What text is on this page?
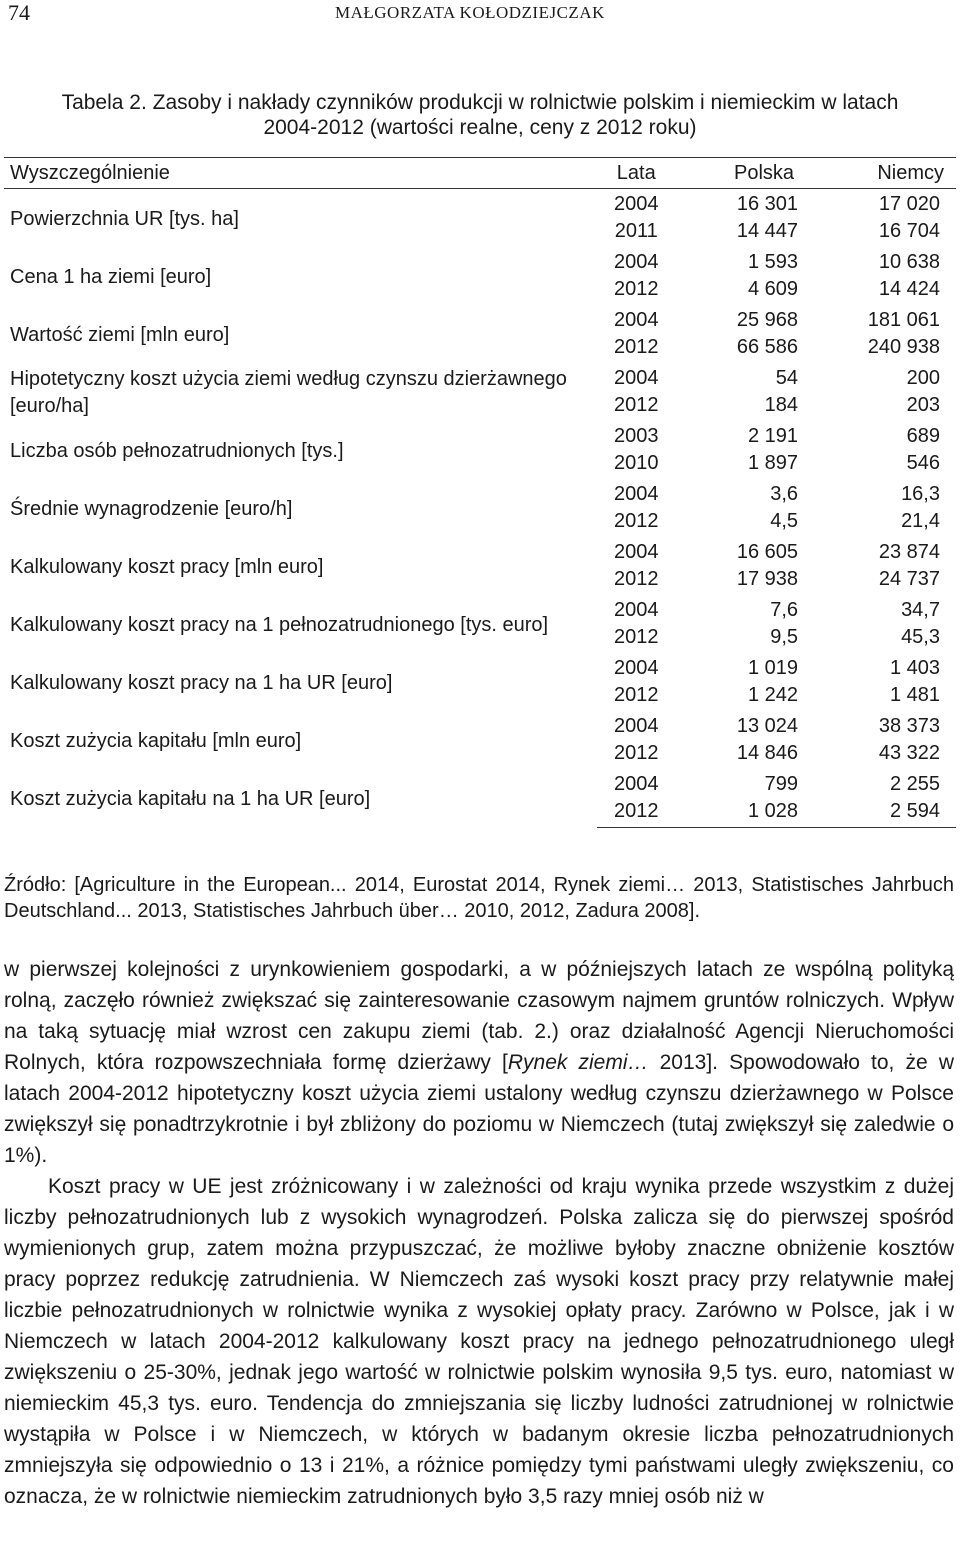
74	MAŁGORZATA KOŁODZIEJCZAK
Tabela 2. Zasoby i nakłady czynników produkcji w rolnictwie polskim i niemieckim w latach
2004-2012 (wartości realne, ceny z 2012 roku)
Wyszczególnienie	Lata	Polska	Niemcy
Powierzchnia UR [tys. ha]	2004	16 301	17 020
	2011	14 447	16 704
Cena 1 ha ziemi [euro]	2004	1 593	10 638
	2012	4 609	14 424
Wartość ziemi [mln euro]	2004	25 968	181 061
	2012	66 586	240 938
Hipotetyczny koszt użycia ziemi według czynszu dzierżawnego [euro/ha]	2004	54	200
	2012	184	203
Liczba osób pełnozatrudnionych [tys.]	2003	2 191	689
	2010	1 897	546
Średnie wynagrodzenie [euro/h]	2004	3,6	16,3
	2012	4,5	21,4
Kalkulowany koszt pracy [mln euro]	2004	16 605	23 874
	2012	17 938	24 737
Kalkulowany koszt pracy na 1 pełnozatrudnionego [tys. euro]	2004	7,6	34,7
	2012	9,5	45,3
Kalkulowany koszt pracy na 1 ha UR [euro]	2004	1 019	1 403
	2012	1 242	1 481
Koszt zużycia kapitału [mln euro]	2004	13 024	38 373
	2012	14 846	43 322
Koszt zużycia kapitału na 1 ha UR [euro]	2004	799	2 255
	2012	1 028	2 594
Źródło: [Agriculture in the European... 2014, Eurostat 2014, Rynek ziemi… 2013, Statistisches Jahrbuch Deutschland... 2013, Statistisches Jahrbuch über… 2010, 2012, Zadura 2008].

w pierwszej kolejności z urynkowieniem gospodarki, a w późniejszych latach ze wspólną polityką rolną, zaczęło również zwiększać się zainteresowanie czasowym najmem gruntów rolniczych. Wpływ na taką sytuację miał wzrost cen zakupu ziemi (tab. 2.) oraz działalność Agencji Nieruchomości Rolnych, która rozpowszechniała formę dzierżawy [Rynek ziemi… 2013]. Spowodowało to, że w latach 2004-2012 hipotetyczny koszt użycia ziemi ustalony według czynszu dzierżawnego w Polsce zwiększył się ponadtrzykrotnie i był zbliżony do poziomu w Niemczech (tutaj zwiększył się zaledwie o 1%).

Koszt pracy w UE jest zróżnicowany i w zależności od kraju wynika przede wszystkim z dużej liczby pełnozatrudnionych lub z wysokich wynagrodzeń. Polska zalicza się do pierwszej spośród wymienionych grup, zatem można przypuszczać, że możliwe byłoby znaczne obniżenie kosztów pracy poprzez redukcję zatrudnienia. W Niemczech zaś wysoki koszt pracy przy relatywnie małej liczbie pełnozatrudnionych w rolnictwie wynika z wysokiej opłaty pracy. Zarówno w Polsce, jak i w Niemczech w latach 2004-2012 kalkulowany koszt pracy na jednego pełnozatrudnionego uległ zwiększeniu o 25-30%, jednak jego wartość w rolnictwie polskim wynosiła 9,5 tys. euro, natomiast w niemieckim 45,3 tys. euro. Tendencja do zmniejszania się liczby ludności zatrudnionej w rolnictwie wystąpiła w Polsce i w Niemczech, w których w badanym okresie liczba pełnozatrudnionych zmniejszyła się odpowiednio o 13 i 21%, a różnice pomiędzy tymi państwami uległy zwiększeniu, co oznacza, że w rolnictwie niemieckim zatrudnionych było 3,5 razy mniej osób niż w
